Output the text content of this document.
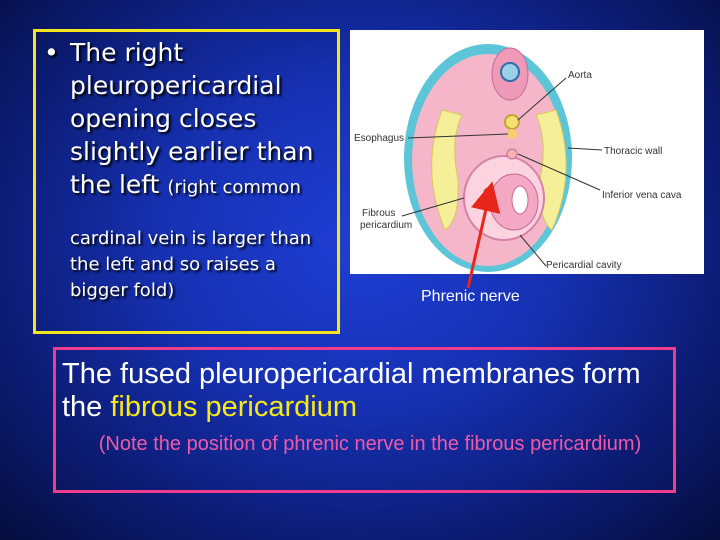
• The right pleuropericardial opening closes slightly earlier than the left (right common
cardinal vein is larger than the left and so raises a bigger fold)
Aorta
Esophagus
Thoracic wall
Inferior vena cava
Fibrous
pericardium
Pericardial cavity
Phrenic nerve
The fused pleuropericardial membranes form the fibrous pericardium
(Note the position of phrenic nerve in the fibrous pericardium)
